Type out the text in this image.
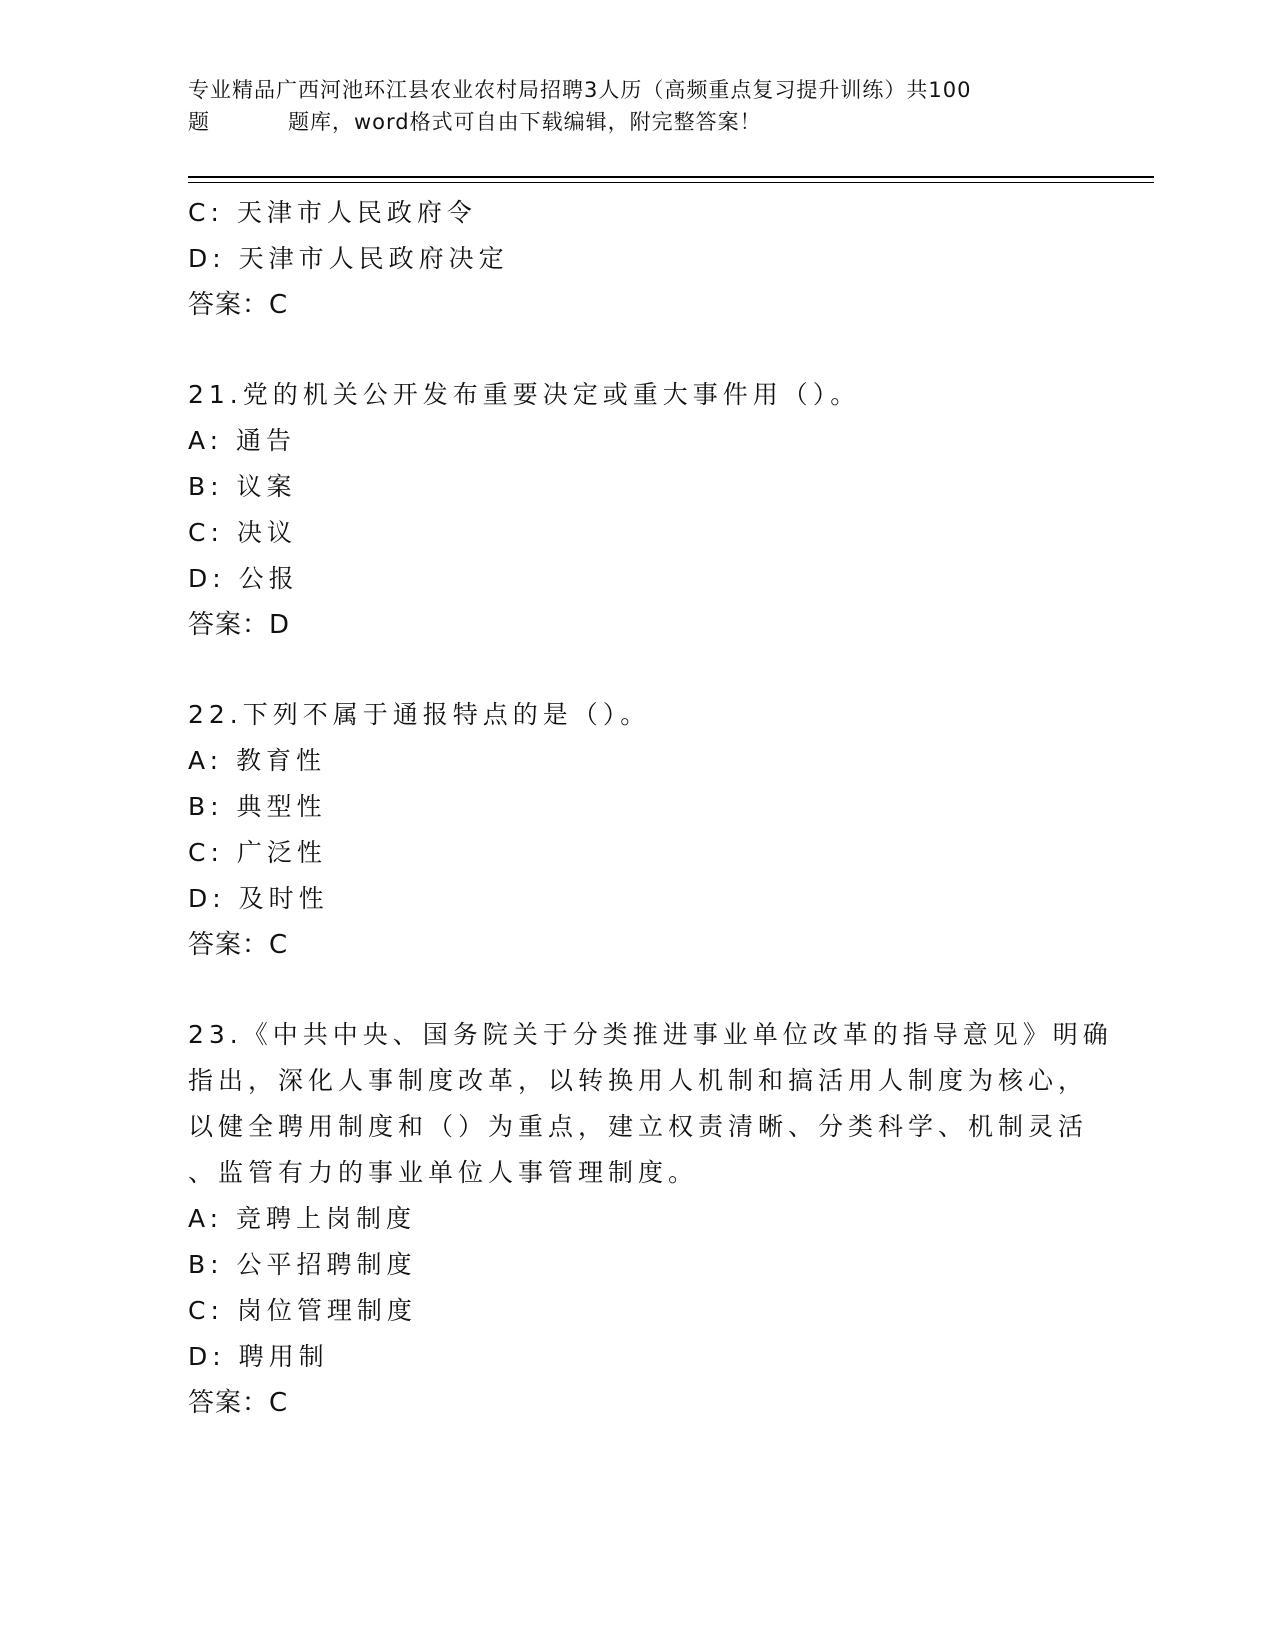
专业精品广西河池环江县农业农村局招聘3人历（高频重点复习提升训练）共100
题	题库，word格式可自由下载编辑，附完整答案！
C: 天津市人民政府令
D: 天津市人民政府决定
答案：C
21.党的机关公开发布重要决定或重大事件用（）。
A: 通告
B: 议案
C: 决议
D: 公报
答案：D
22.下列不属于通报特点的是（）。
A: 教育性
B: 典型性
C: 广泛性
D: 及时性
答案：C
23.《中共中央、国务院关于分类推进事业单位改革的指导意见》明确
指出，深化人事制度改革，以转换用人机制和搞活用人制度为核心，
以健全聘用制度和（）为重点，建立权责清晰、分类科学、机制灵活
、监管有力的事业单位人事管理制度。
A: 竞聘上岗制度
B: 公平招聘制度
C: 岗位管理制度
D: 聘用制
答案：C
